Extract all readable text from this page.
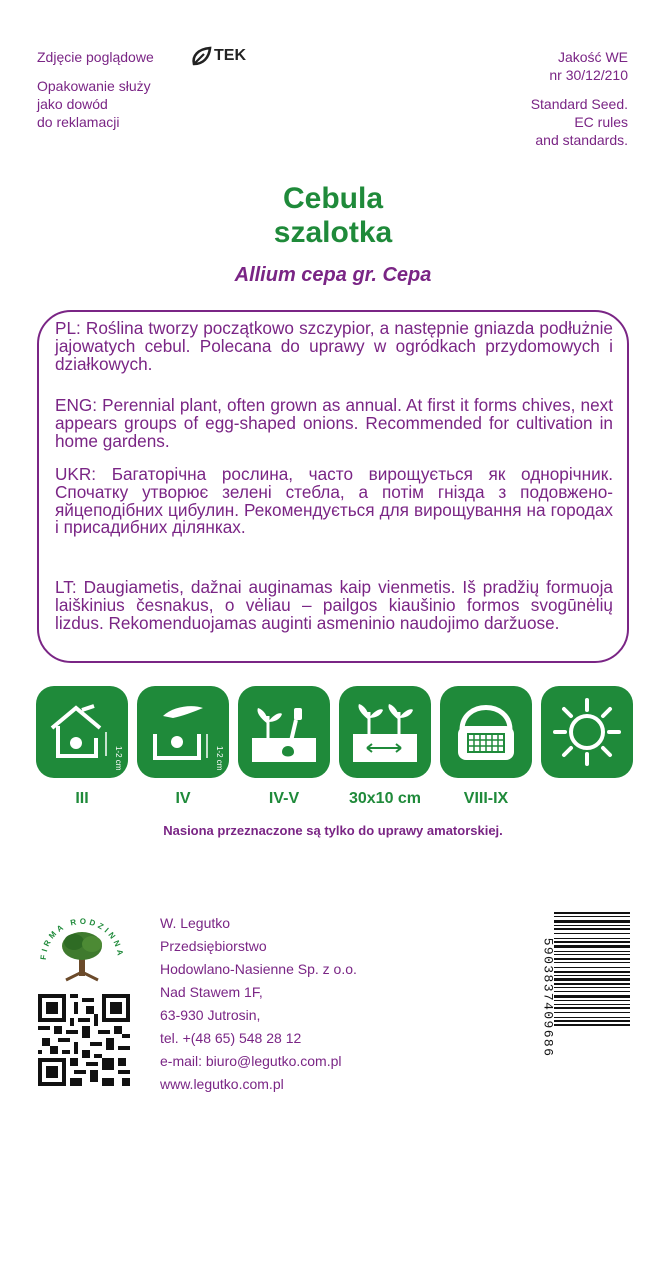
Zdjęcie poglądowe	TEK
Opakowanie służy
jako dowód
do reklamacji
Jakość WE
nr 30/12/210
Standard Seed.
EC rules
and standards.
Cebula
szalotka
Allium cepa gr. Cepa

PL: Roślina tworzy początkowo szczypior, a następnie gniazda podłużnie jajowatych cebul. Polecana do uprawy w ogródkach przydomowych i działkowych.

ENG: Perennial plant, often grown as annual. At first it forms chives, next appears groups of egg-shaped onions. Recommended for cultivation in home gardens.

UKR: Багаторічна рослина, часто вирощується як однорічник. Спочатку утворює зелені стебла, а потім гнізда з подовжено-яйцеподібних цибулин. Рекомендується для вирощування на городах і присадибних ділянках.

LT: Daugiametis, dažnai auginamas kaip vienmetis. Iš pradžių formuoja laiškinius česnakus, o vėliau – pailgos kiaušinio formos svogūnėlių lizdus. Rekomenduojamas auginti asmeninio naudojimo daržuose.

1-2 cm	1-2 cm
III	IV	IV-V	30x10 cm	VIII-IX
Nasiona przeznaczone są tylko do uprawy amatorskiej.
FIRMA RODZINNA
W. Legutko
Przedsiębiorstwo
Hodowlano-Nasienne Sp. z o.o.
Nad Stawem 1F,
63-930 Jutrosin,
tel. +(48 65) 548 28 12
e-mail: biuro@legutko.com.pl
www.legutko.com.pl
5903837409686
